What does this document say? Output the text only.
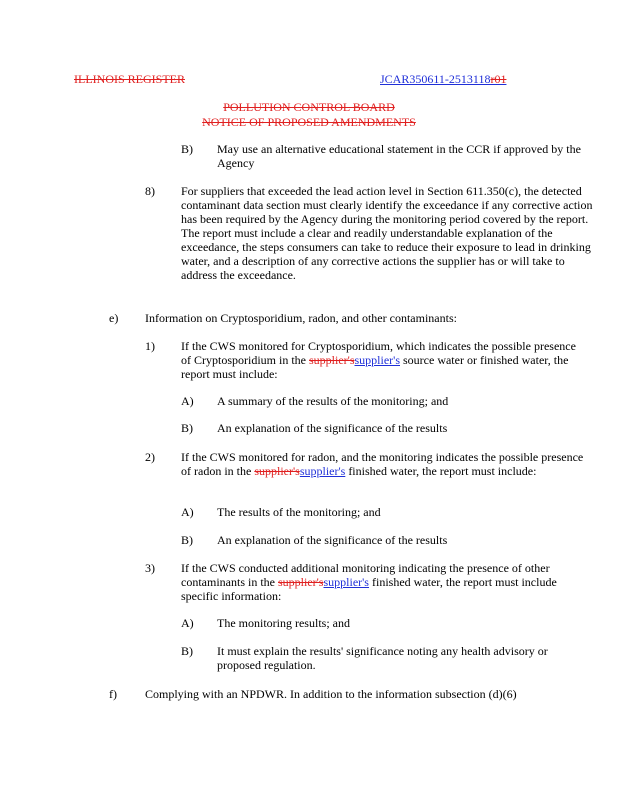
ILLINOIS REGISTER	JCAR350611-2513118r01
POLLUTION CONTROL BOARD
NOTICE OF PROPOSED AMENDMENTS
B)	May use an alternative educational statement in the CCR if approved by the Agency
8)	For suppliers that exceeded the lead action level in Section 611.350(c), the detected contaminant data section must clearly identify the exceedance if any corrective action has been required by the Agency during the monitoring period covered by the report. The report must include a clear and readily understandable explanation of the exceedance, the steps consumers can take to reduce their exposure to lead in drinking water, and a description of any corrective actions the supplier has or will take to address the exceedance.
e)	Information on Cryptosporidium, radon, and other contaminants:
1)	If the CWS monitored for Cryptosporidium, which indicates the possible presence of Cryptosporidium in the supplier'ssupplier's source water or finished water, the report must include:
A)	A summary of the results of the monitoring; and
B)	An explanation of the significance of the results
2)	If the CWS monitored for radon, and the monitoring indicates the possible presence of radon in the supplier'ssupplier's finished water, the report must include:
A)	The results of the monitoring; and
B)	An explanation of the significance of the results
3)	If the CWS conducted additional monitoring indicating the presence of other contaminants in the supplier'ssupplier's finished water, the report must include specific information:
A)	The monitoring results; and
B)	It must explain the results' significance noting any health advisory or proposed regulation.
f)	Complying with an NPDWR. In addition to the information subsection (d)(6)
